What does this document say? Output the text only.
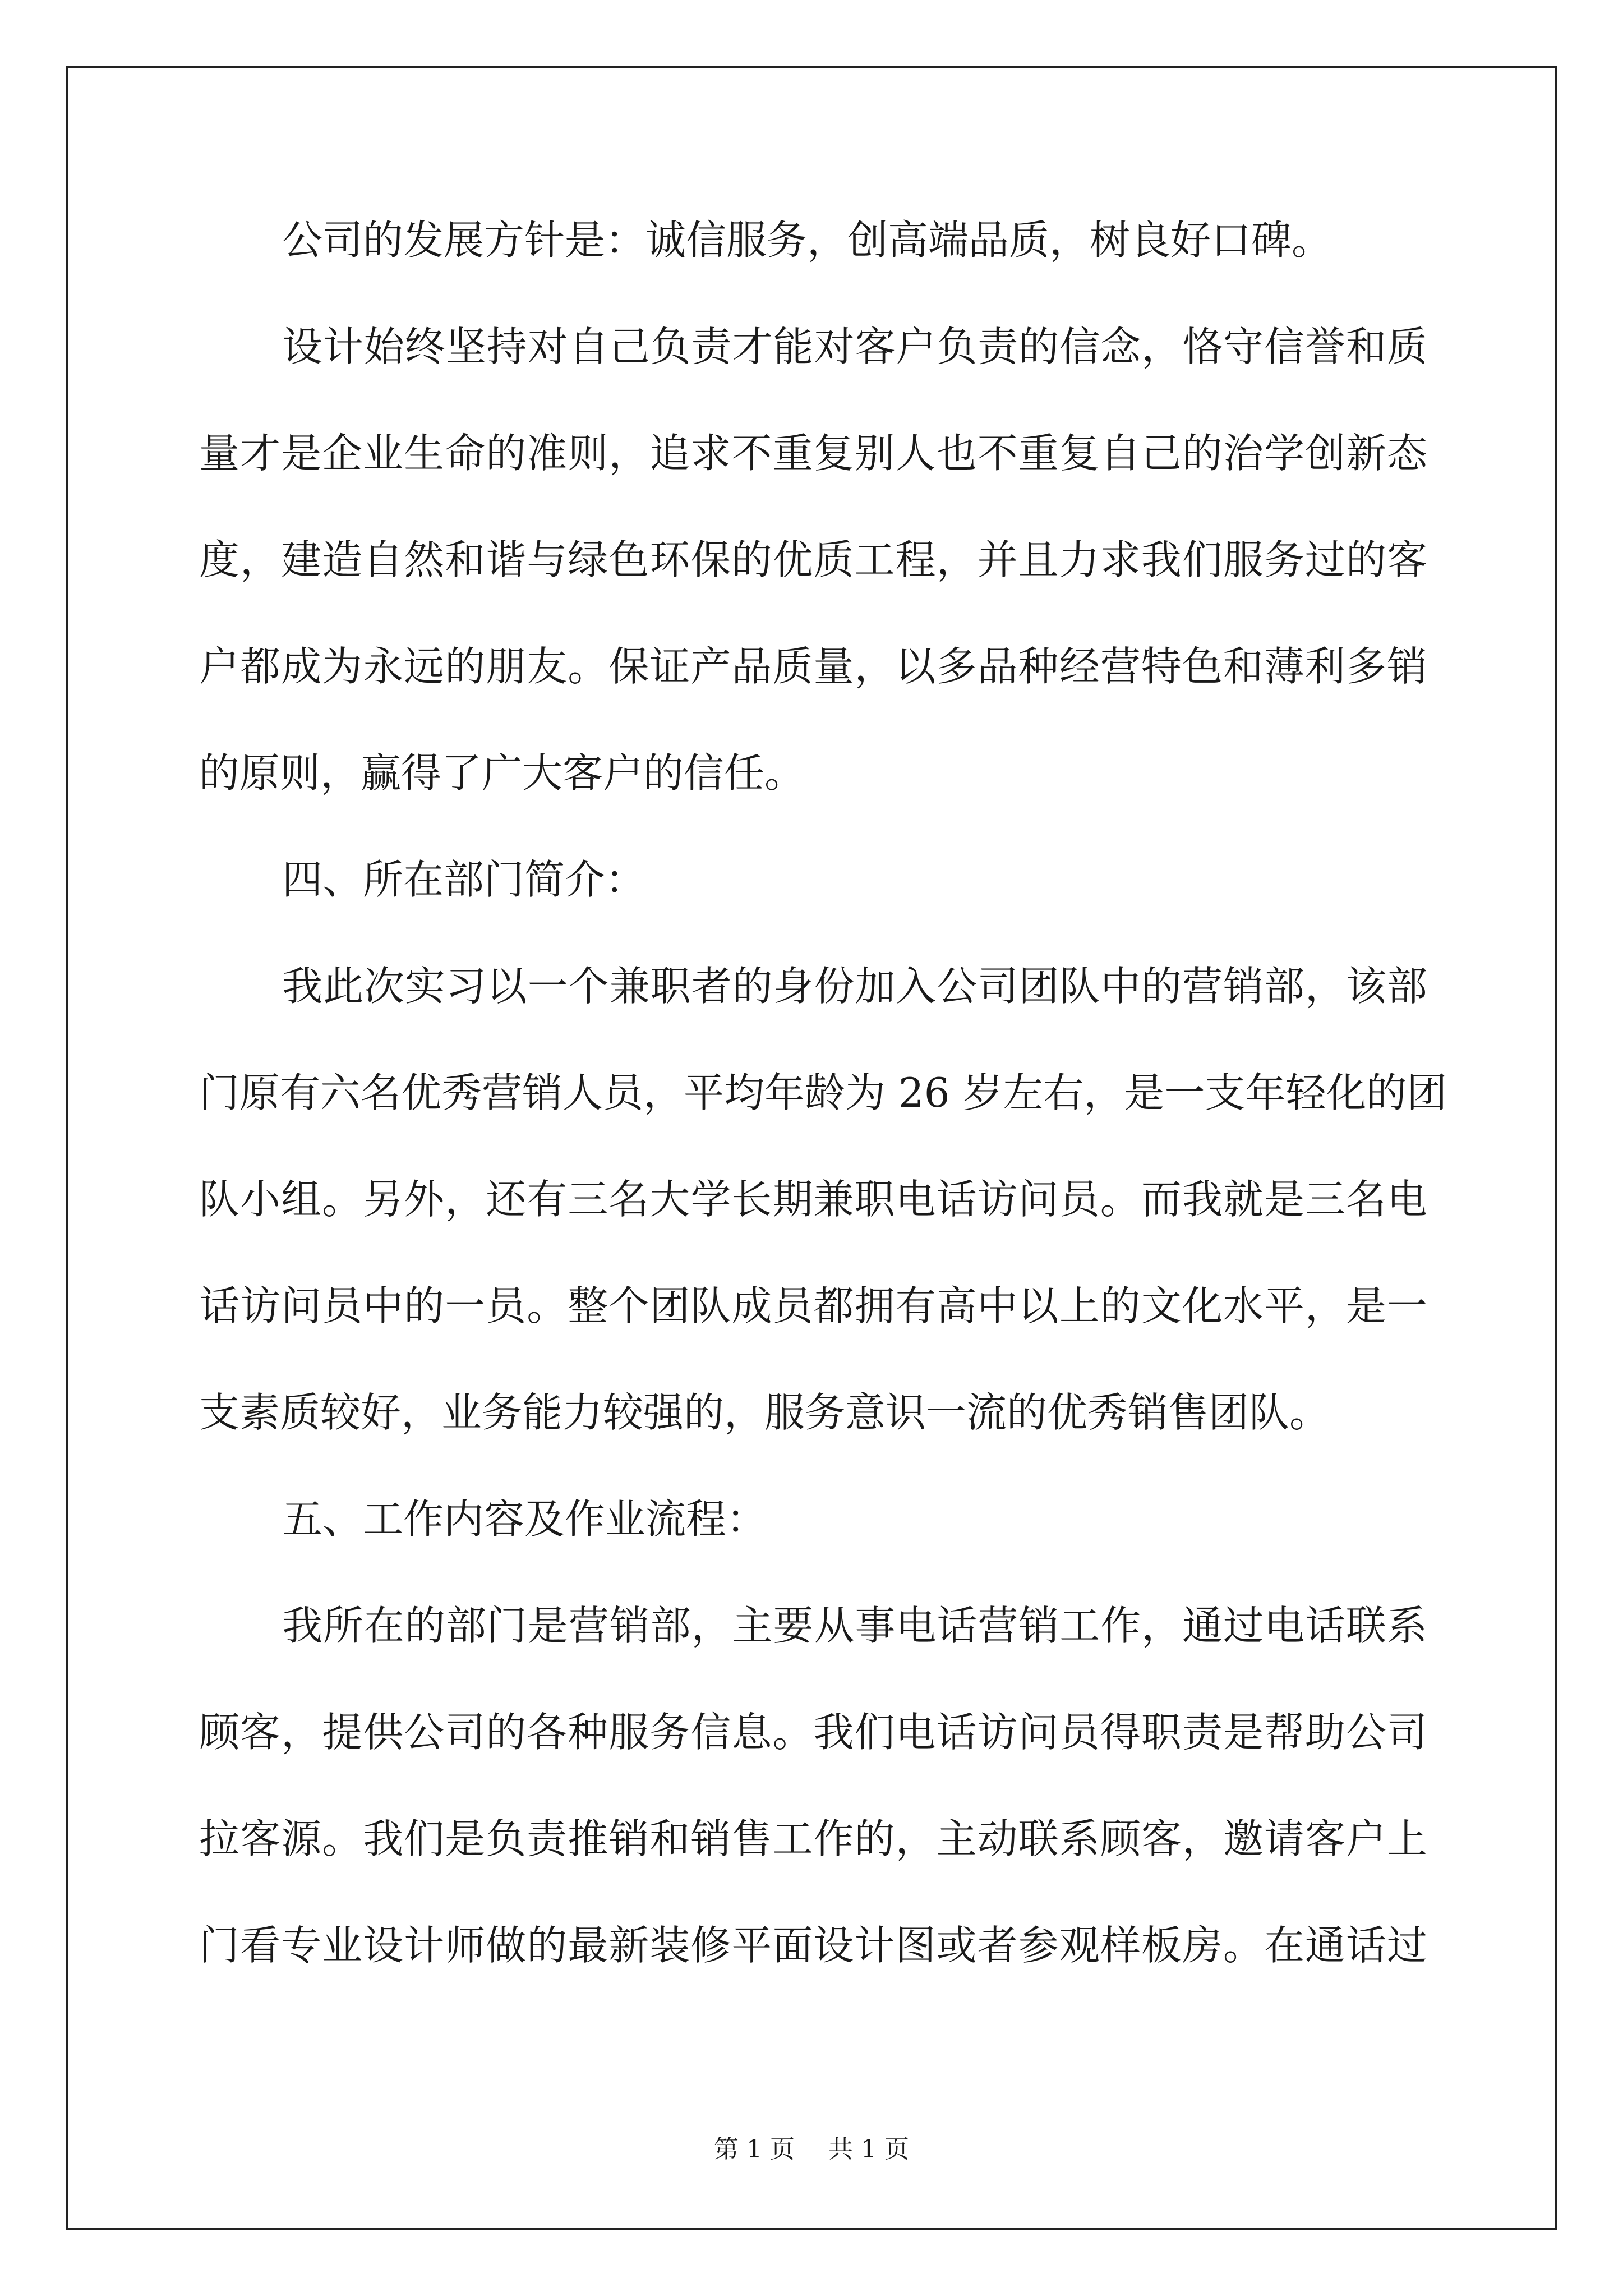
公司的发展方针是：诚信服务，创高端品质，树良好口碑。
设计始终坚持对自己负责才能对客户负责的信念，恪守信誉和质
量才是企业生命的准则，追求不重复别人也不重复自己的治学创新态
度，建造自然和谐与绿色环保的优质工程，并且力求我们服务过的客
户都成为永远的朋友。保证产品质量，以多品种经营特色和薄利多销
的原则，赢得了广大客户的信任。
四、所在部门简介：
我此次实习以一个兼职者的身份加入公司团队中的营销部，该部
门原有六名优秀营销人员，平均年龄为 26 岁左右，是一支年轻化的团
队小组。另外，还有三名大学长期兼职电话访问员。而我就是三名电
话访问员中的一员。整个团队成员都拥有高中以上的文化水平，是一
支素质较好，业务能力较强的，服务意识一流的优秀销售团队。
五、工作内容及作业流程：
我所在的部门是营销部，主要从事电话营销工作，通过电话联系
顾客，提供公司的各种服务信息。我们电话访问员得职责是帮助公司
拉客源。我们是负责推销和销售工作的，主动联系顾客，邀请客户上
门看专业设计师做的最新装修平面设计图或者参观样板房。在通话过
第 1 页 共 1 页
